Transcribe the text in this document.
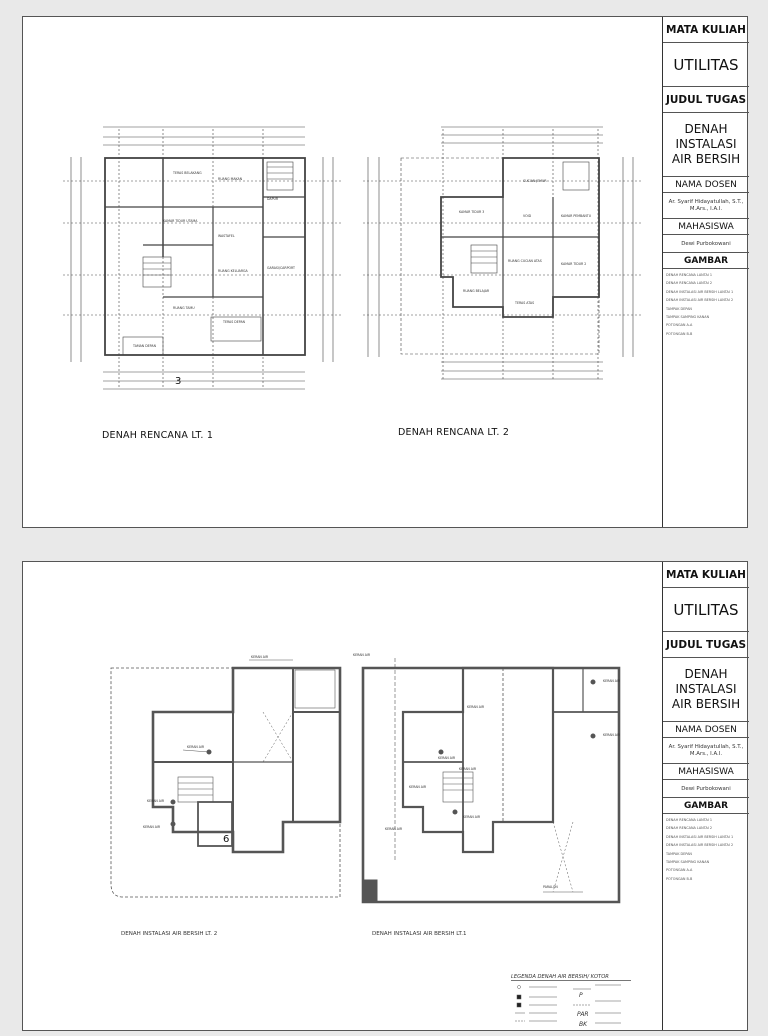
TERAS BELAKANG
RUANG MAKAN
DAPUR
KAMAR TIDUR UTAMA
WASTAFEL
RUANG KELUARGA
GARASI/CARPORT
RUANG TAMU
TERAS DEPAN
TAMAN DEPAN
3
CUCIAN JEMUR
KAMAR TIDUR 3
VOID	KAMAR PEMBANTU
RUANG CUCIAN ATAS
KAMAR TIDUR 2
RUANG BELAJAR
TERAS ATAS
DENAH RENCANA LT. 1	DENAH RENCANA LT. 2
MATA KULIAH
UTILITAS
JUDUL TUGAS
DENAH INSTALASI AIR BERSIH
NAMA DOSEN
Ar. Syarif Hidayatullah, S.T., M.Ars., I.A.I.
MAHASISWA
Dewi Purbokowani
GAMBAR
DENAH RENCANA LANTAI 1
DENAH RENCANA LANTAI 2
DENAH INSTALASI AIR BERSIH LANTAI 1
DENAH INSTALASI AIR BERSIH LANTAI 2
TAMPAK DEPAN
TAMPAK SAMPING KANAN
POTONGAN A-A
POTONGAN B-B
6
KERAN AIR
KERAN AIR
KERAN AIR
KERAN AIR
KERAN AIR
KERAN AIR
KERAN AIR
KERAN AIR
KERAN AIR
KERAN AIR
KERAN AIR
KERAN AIR
KERAN AIR
PARALON
DENAH INSTALASI AIR BERSIH LT. 2	DENAH INSTALASI AIR BERSIH LT.1
LEGENDA DENAH AIR BERSIH/ KOTOR
P
PAR
BK
MATA KULIAH
UTILITAS
JUDUL TUGAS
DENAH INSTALASI AIR BERSIH
NAMA DOSEN
Ar. Syarif Hidayatullah, S.T., M.Ars., I.A.I.
MAHASISWA
Dewi Purbokowani
GAMBAR
DENAH RENCANA LANTAI 1
DENAH RENCANA LANTAI 2
DENAH INSTALASI AIR BERSIH LANTAI 1
DENAH INSTALASI AIR BERSIH LANTAI 2
TAMPAK DEPAN
TAMPAK SAMPING KANAN
POTONGAN A-A
POTONGAN B-B
